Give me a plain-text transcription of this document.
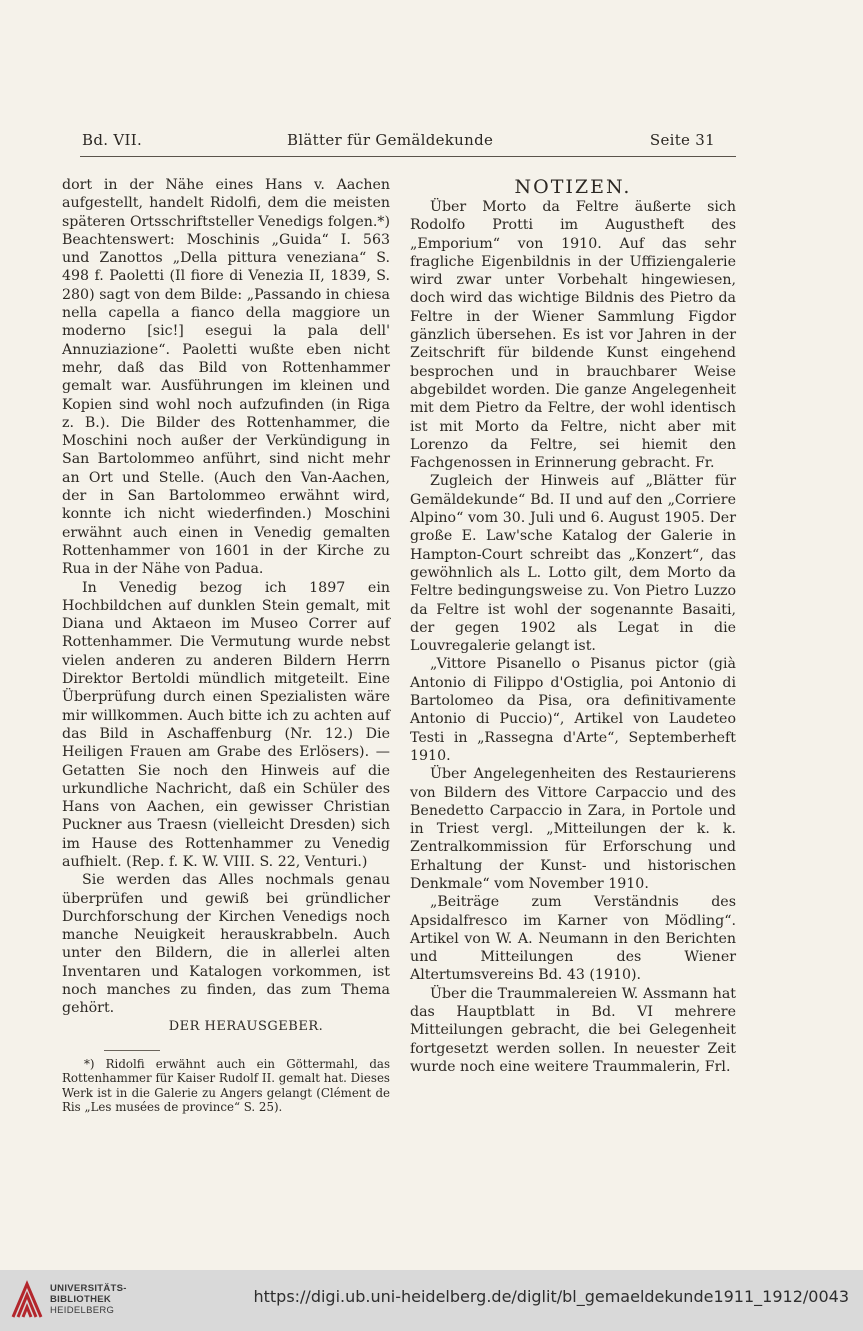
Bd. VII.	Blätter für Gemäldekunde	Seite 31

dort in der Nähe eines Hans v. Aachen aufgestellt, handelt Ridolfi, dem die meisten späteren Ortsschriftsteller Venedigs folgen.*) Beachtenswert: Moschinis „Guida“ I. 563 und Zanottos „Della pittura veneziana“ S. 498 f. Paoletti (Il fiore di Venezia II, 1839, S. 280) sagt von dem Bilde: „Passando in chiesa nella capella a fianco della maggiore un moderno [sic!] esegui la pala dell' Annuziazione“. Paoletti wußte eben nicht mehr, daß das Bild von Rottenhammer gemalt war. Ausführungen im kleinen und Kopien sind wohl noch aufzufinden (in Riga z. B.). Die Bilder des Rottenhammer, die Moschini noch außer der Verkündigung in San Bartolommeo anführt, sind nicht mehr an Ort und Stelle. (Auch den Van-Aachen, der in San Bartolommeo erwähnt wird, konnte ich nicht wiederfinden.) Moschini erwähnt auch einen in Venedig gemalten Rottenhammer von 1601 in der Kirche zu Rua in der Nähe von Padua.

In Venedig bezog ich 1897 ein Hochbildchen auf dunklen Stein gemalt, mit Diana und Aktaeon im Museo Correr auf Rottenhammer. Die Vermutung wurde nebst vielen anderen zu anderen Bildern Herrn Direktor Bertoldi mündlich mitgeteilt. Eine Überprüfung durch einen Spezialisten wäre mir willkommen. Auch bitte ich zu achten auf das Bild in Aschaffenburg (Nr. 12.) Die Heiligen Frauen am Grabe des Erlösers). — Getatten Sie noch den Hinweis auf die urkundliche Nachricht, daß ein Schüler des Hans von Aachen, ein gewisser Christian Puckner aus Traesn (vielleicht Dresden) sich im Hause des Rottenhammer zu Venedig aufhielt. (Rep. f. K. W. VIII. S. 22, Venturi.)

Sie werden das Alles nochmals genau überprüfen und gewiß bei gründlicher Durchforschung der Kirchen Venedigs noch manche Neuigkeit herauskrabbeln. Auch unter den Bildern, die in allerlei alten Inventaren und Katalogen vorkommen, ist noch manches zu finden, das zum Thema gehört.

DER HERAUSGEBER.

*) Ridolfi erwähnt auch ein Göttermahl, das Rottenhammer für Kaiser Rudolf II. gemalt hat. Dieses Werk ist in die Galerie zu Angers gelangt (Clément de Ris „Les musées de province“ S. 25).

NOTIZEN.

Über Morto da Feltre äußerte sich Rodolfo Protti im Augustheft des „Emporium“ von 1910. Auf das sehr fragliche Eigenbildnis in der Uffiziengalerie wird zwar unter Vorbehalt hingewiesen, doch wird das wichtige Bildnis des Pietro da Feltre in der Wiener Sammlung Figdor gänzlich übersehen. Es ist vor Jahren in der Zeitschrift für bildende Kunst eingehend besprochen und in brauchbarer Weise abgebildet worden. Die ganze Angelegenheit mit dem Pietro da Feltre, der wohl identisch ist mit Morto da Feltre, nicht aber mit Lorenzo da Feltre, sei hiemit den Fachgenossen in Erinnerung gebracht. Fr.

Zugleich der Hinweis auf „Blätter für Gemäldekunde“ Bd. II und auf den „Corriere Alpino“ vom 30. Juli und 6. August 1905. Der große E. Law'sche Katalog der Galerie in Hampton-Court schreibt das „Konzert“, das gewöhnlich als L. Lotto gilt, dem Morto da Feltre bedingungsweise zu. Von Pietro Luzzo da Feltre ist wohl der sogenannte Basaiti, der gegen 1902 als Legat in die Louvregalerie gelangt ist.

„Vittore Pisanello o Pisanus pictor (già Antonio di Filippo d'Ostiglia, poi Antonio di Bartolomeo da Pisa, ora definitivamente Antonio di Puccio)“, Artikel von Laudeteo Testi in „Rassegna d'Arte“, Septemberheft 1910.

Über Angelegenheiten des Restaurierens von Bildern des Vittore Carpaccio und des Benedetto Carpaccio in Zara, in Portole und in Triest vergl. „Mitteilungen der k. k. Zentralkommission für Erforschung und Erhaltung der Kunst- und historischen Denkmale“ vom November 1910.

„Beiträge zum Verständnis des Apsidalfresco im Karner von Mödling“. Artikel von W. A. Neumann in den Berichten und Mitteilungen des Wiener Altertumsvereins Bd. 43 (1910).

Über die Traummalereien W. Assmann hat das Hauptblatt in Bd. VI mehrere Mitteilungen gebracht, die bei Gelegenheit fortgesetzt werden sollen. In neuester Zeit wurde noch eine weitere Traummalerin, Frl.

UNIVERSITÄTS-
BIBLIOTHEK
HEIDELBERG
https://digi.ub.uni-heidelberg.de/diglit/bl_gemaeldekunde1911_1912/0043
